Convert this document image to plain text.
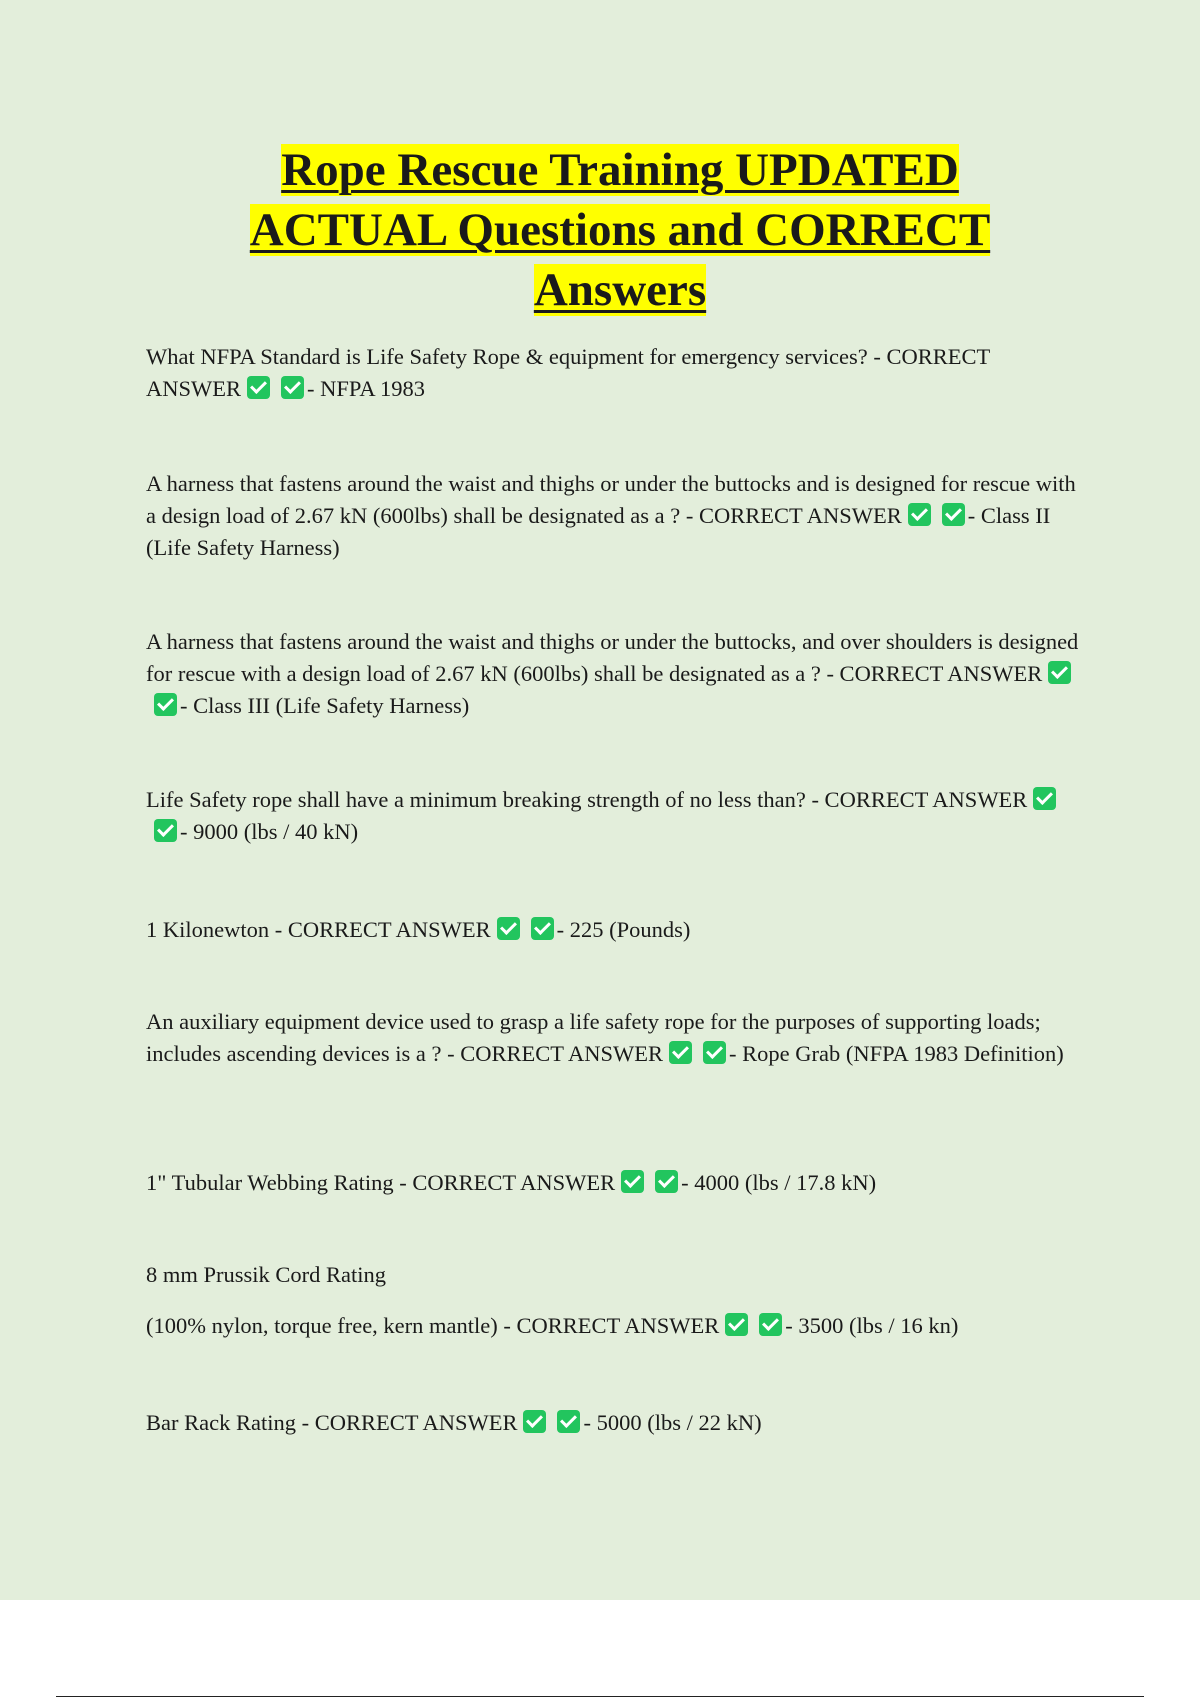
Rope Rescue Training UPDATED ACTUAL Questions and CORRECT Answers

What NFPA Standard is Life Safety Rope & equipment for emergency services? - CORRECT ANSWER	- NFPA 1983

A harness that fastens around the waist and thighs or under the buttocks and is designed for rescue with a design load of 2.67 kN (600lbs) shall be designated as a ? - CORRECT ANSWER	- Class II (Life Safety Harness)

A harness that fastens around the waist and thighs or under the buttocks, and over shoulders is designed for rescue with a design load of 2.67 kN (600lbs) shall be designated as a ? - CORRECT ANSWER- Class III (Life Safety Harness)

Life Safety rope shall have a minimum breaking strength of no less than? - CORRECT ANSWER- 9000 (lbs / 40 kN)

1 Kilonewton - CORRECT ANSWER	- 225 (Pounds)

An auxiliary equipment device used to grasp a life safety rope for the purposes of supporting loads; includes ascending devices is a ? - CORRECT ANSWER	- Rope Grab (NFPA 1983 Definition)

1" Tubular Webbing Rating - CORRECT ANSWER	- 4000 (lbs / 17.8 kN)

8 mm Prussik Cord Rating

(100% nylon, torque free, kern mantle) - CORRECT ANSWER	- 3500 (lbs / 16 kn)

Bar Rack Rating - CORRECT ANSWER	- 5000 (lbs / 22 kN)
